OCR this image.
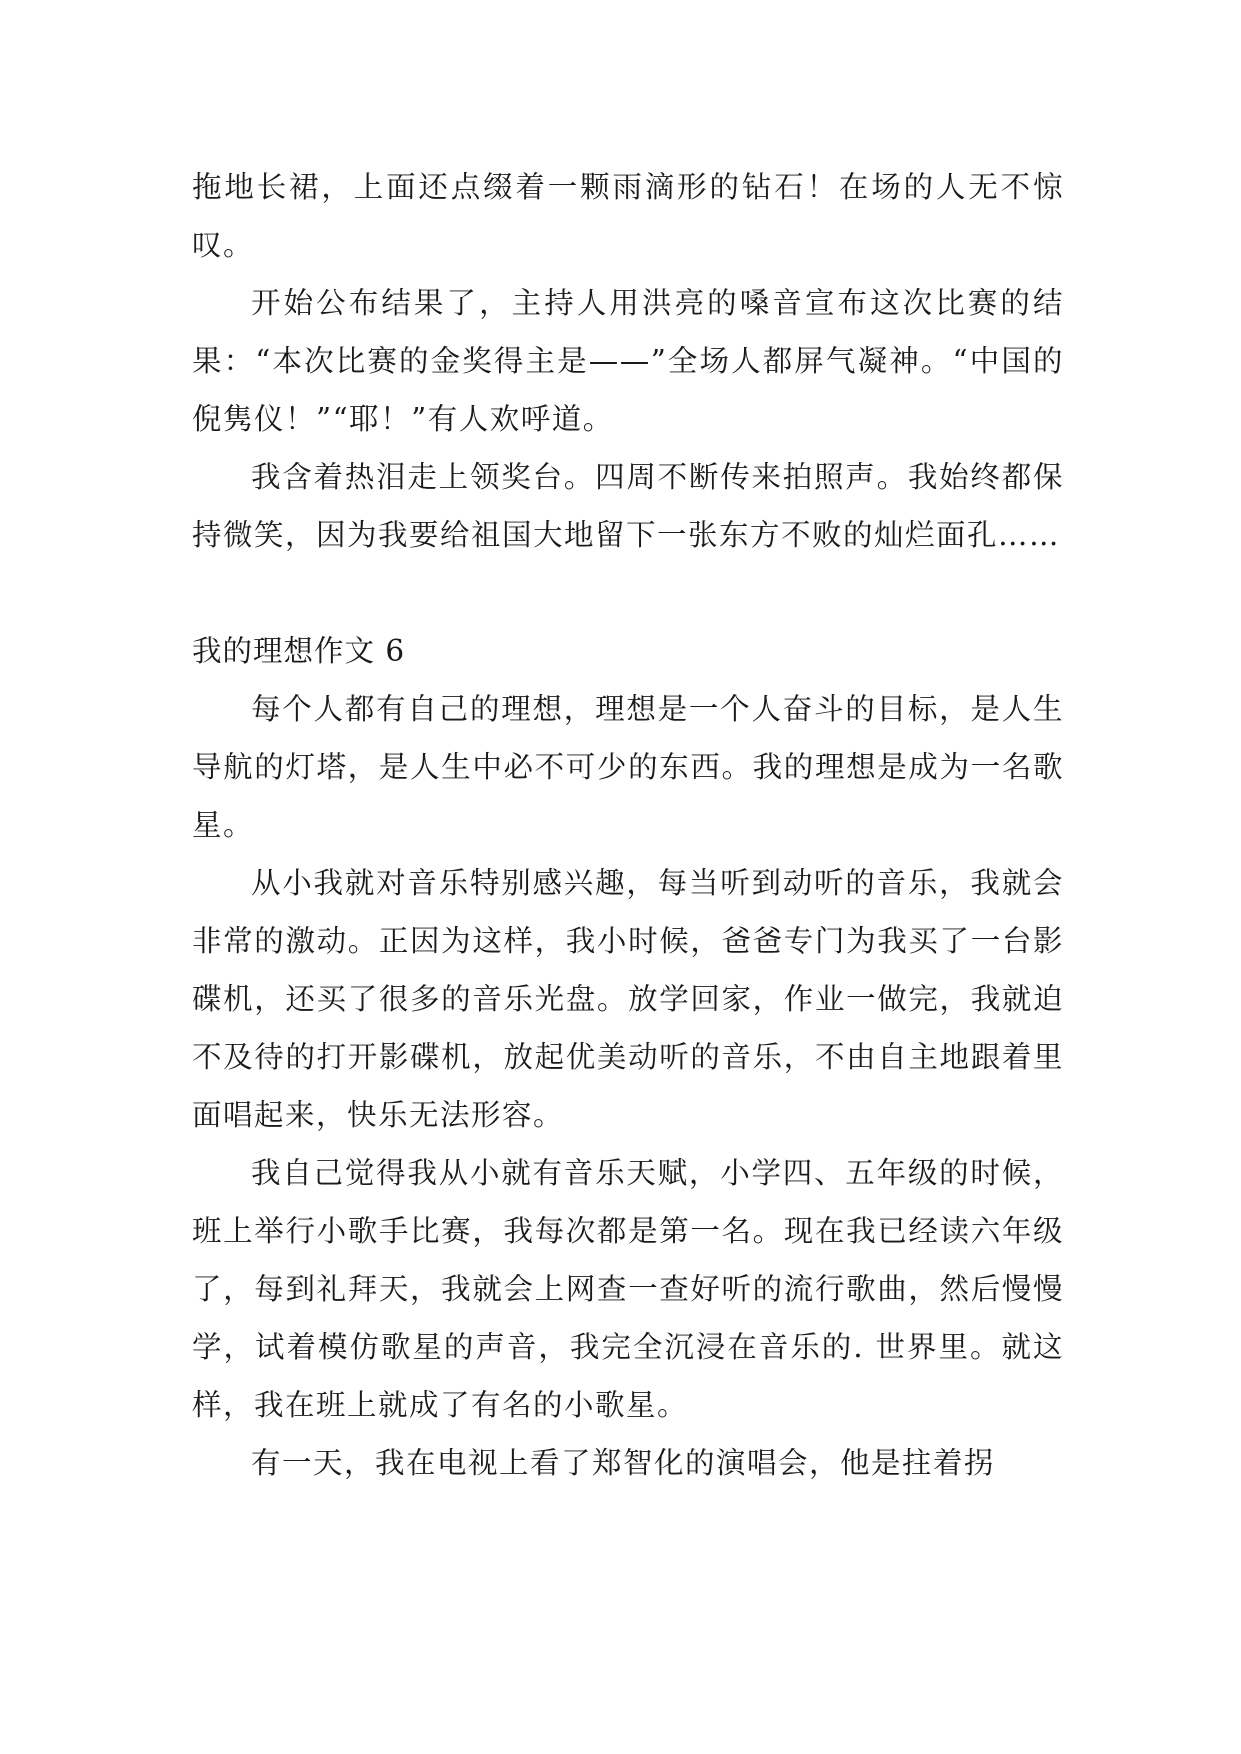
拖地长裙，上面还点缀着一颗雨滴形的钻石！在场的人无不惊叹。

开始公布结果了，主持人用洪亮的嗓音宣布这次比赛的结果：“本次比赛的金奖得主是——”全场人都屏气凝神。“中国的倪隽仪！”“耶！”有人欢呼道。

我含着热泪走上领奖台。四周不断传来拍照声。我始终都保持微笑，因为我要给祖国大地留下一张东方不败的灿烂面孔……

我的理想作文 6

每个人都有自己的理想，理想是一个人奋斗的目标，是人生导航的灯塔，是人生中必不可少的东西。我的理想是成为一名歌星。

从小我就对音乐特别感兴趣，每当听到动听的音乐，我就会非常的激动。正因为这样，我小时候，爸爸专门为我买了一台影碟机，还买了很多的音乐光盘。放学回家，作业一做完，我就迫不及待的打开影碟机，放起优美动听的音乐，不由自主地跟着里面唱起来，快乐无法形容。

我自己觉得我从小就有音乐天赋，小学四、五年级的时候，班上举行小歌手比赛，我每次都是第一名。现在我已经读六年级了，每到礼拜天，我就会上网查一查好听的流行歌曲，然后慢慢学，试着模仿歌星的声音，我完全沉浸在音乐的. 世界里。就这样，我在班上就成了有名的小歌星。

有一天，我在电视上看了郑智化的演唱会，他是拄着拐
